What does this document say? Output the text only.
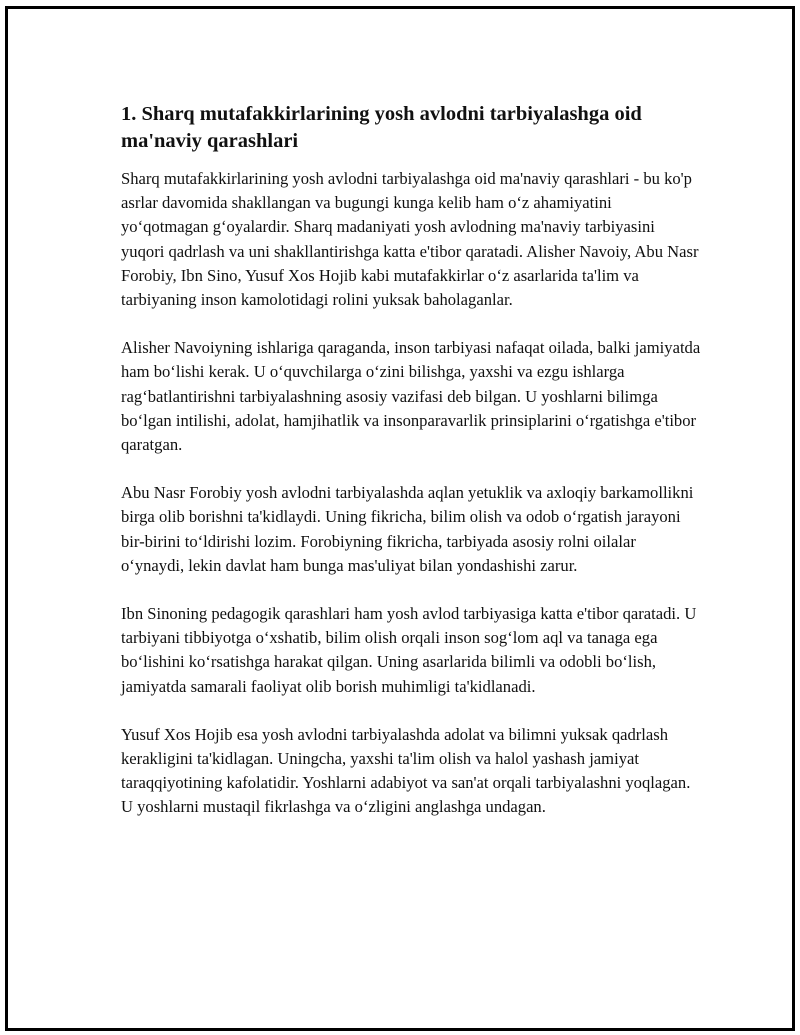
1. Sharq mutafakkirlarining yosh avlodni tarbiyalashga oid ma'naviy qarashlari

Sharq mutafakkirlarining yosh avlodni tarbiyalashga oid ma'naviy qarashlari - bu ko'p asrlar davomida shakllangan va bugungi kunga kelib ham o‘z ahamiyatini yo‘qotmagan g‘oyalardir. Sharq madaniyati yosh avlodning ma'naviy tarbiyasini yuqori qadrlash va uni shakllantirishga katta e'tibor qaratadi. Alisher Navoiy, Abu Nasr Forobiy, Ibn Sino, Yusuf Xos Hojib kabi mutafakkirlar o‘z asarlarida ta'lim va tarbiyaning inson kamolotidagi rolini yuksak baholaganlar.

Alisher Navoiyning ishlariga qaraganda, inson tarbiyasi nafaqat oilada, balki jamiyatda ham bo‘lishi kerak. U o‘quvchilarga o‘zini bilishga, yaxshi va ezgu ishlarga rag‘batlantirishni tarbiyalashning asosiy vazifasi deb bilgan. U yoshlarni bilimga bo‘lgan intilishi, adolat, hamjihatlik va insonparavarlik prinsiplarini o‘rgatishga e'tibor qaratgan.

Abu Nasr Forobiy yosh avlodni tarbiyalashda aqlan yetuklik va axloqiy barkamollikni birga olib borishni ta'kidlaydi. Uning fikricha, bilim olish va odob o‘rgatish jarayoni bir-birini to‘ldirishi lozim. Forobiyning fikricha, tarbiyada asosiy rolni oilalar o‘ynaydi, lekin davlat ham bunga mas'uliyat bilan yondashishi zarur.

Ibn Sinoning pedagogik qarashlari ham yosh avlod tarbiyasiga katta e'tibor qaratadi. U tarbiyani tibbiyotga o‘xshatib, bilim olish orqali inson sog‘lom aql va tanaga ega bo‘lishini ko‘rsatishga harakat qilgan. Uning asarlarida bilimli va odobli bo‘lish, jamiyatda samarali faoliyat olib borish muhimligi ta'kidlanadi.

Yusuf Xos Hojib esa yosh avlodni tarbiyalashda adolat va bilimni yuksak qadrlash kerakligini ta'kidlagan. Uningcha, yaxshi ta'lim olish va halol yashash jamiyat taraqqiyotining kafolatidir. Yoshlarni adabiyot va san'at orqali tarbiyalashni yoqlagan. U yoshlarni mustaqil fikrlashga va o‘zligini anglashga undagan.
